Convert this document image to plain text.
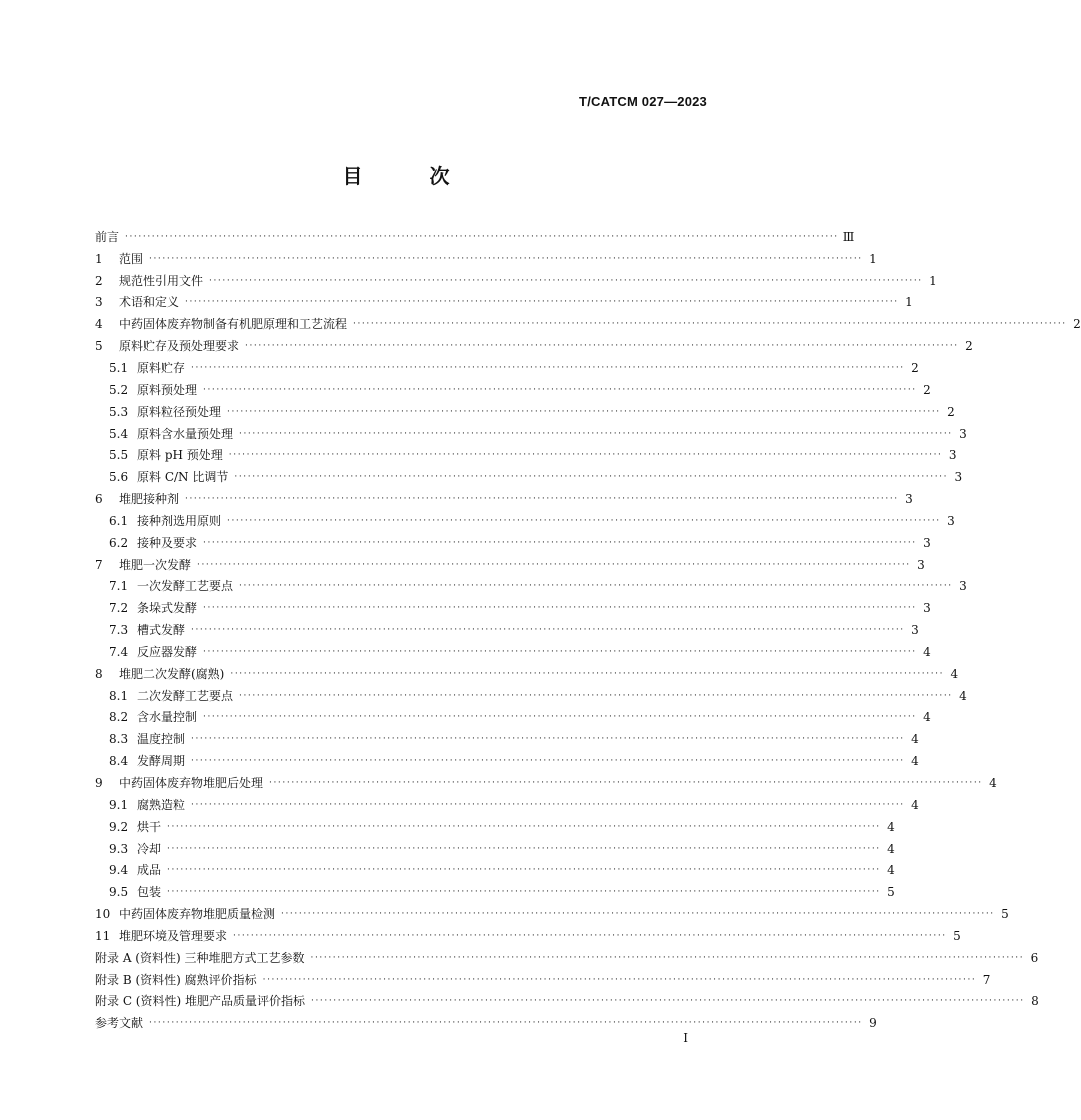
T/CATCM 027—2023
目 次
前言 ································································································································································ Ⅲ
1	范围 ································································································································································ 1
2	规范性引用文件 ································································································································································ 1
3	术语和定义 ································································································································································ 1
4	中药固体废弃物制备有机肥原理和工艺流程 ································································································································································ 2
5	原料贮存及预处理要求 ································································································································································ 2
5.1 原料贮存 ································································································································································ 2
5.2 原料预处理 ································································································································································ 2
5.3 原料粒径预处理 ································································································································································ 2
5.4 原料含水量预处理 ································································································································································ 3
5.5 原料 pH 预处理 ································································································································································ 3
5.6 原料 C/N 比调节 ································································································································································ 3
6	堆肥接种剂 ································································································································································ 3
6.1 接种剂选用原则 ································································································································································ 3
6.2 接种及要求 ································································································································································ 3
7	堆肥一次发酵 ································································································································································ 3
7.1 一次发酵工艺要点 ································································································································································ 3
7.2 条垛式发酵 ································································································································································ 3
7.3 槽式发酵 ································································································································································ 3
7.4 反应器发酵 ································································································································································ 4
8	堆肥二次发酵(腐熟) ································································································································································ 4
8.1 二次发酵工艺要点 ································································································································································ 4
8.2 含水量控制 ································································································································································ 4
8.3 温度控制 ································································································································································ 4
8.4 发酵周期 ································································································································································ 4
9	中药固体废弃物堆肥后处理 ································································································································································ 4
9.1 腐熟造粒 ································································································································································ 4
9.2 烘干 ································································································································································ 4
9.3 冷却 ································································································································································ 4
9.4 成品 ································································································································································ 4
9.5 包装 ································································································································································ 5
10 中药固体废弃物堆肥质量检测 ································································································································································ 5
11 堆肥环境及管理要求 ································································································································································ 5
附录 A (资料性) 三种堆肥方式工艺参数 ································································································································································ 6
附录 B (资料性) 腐熟评价指标 ································································································································································ 7
附录 C (资料性) 堆肥产品质量评价指标 ································································································································································ 8
参考文献 ································································································································································ 9
I
